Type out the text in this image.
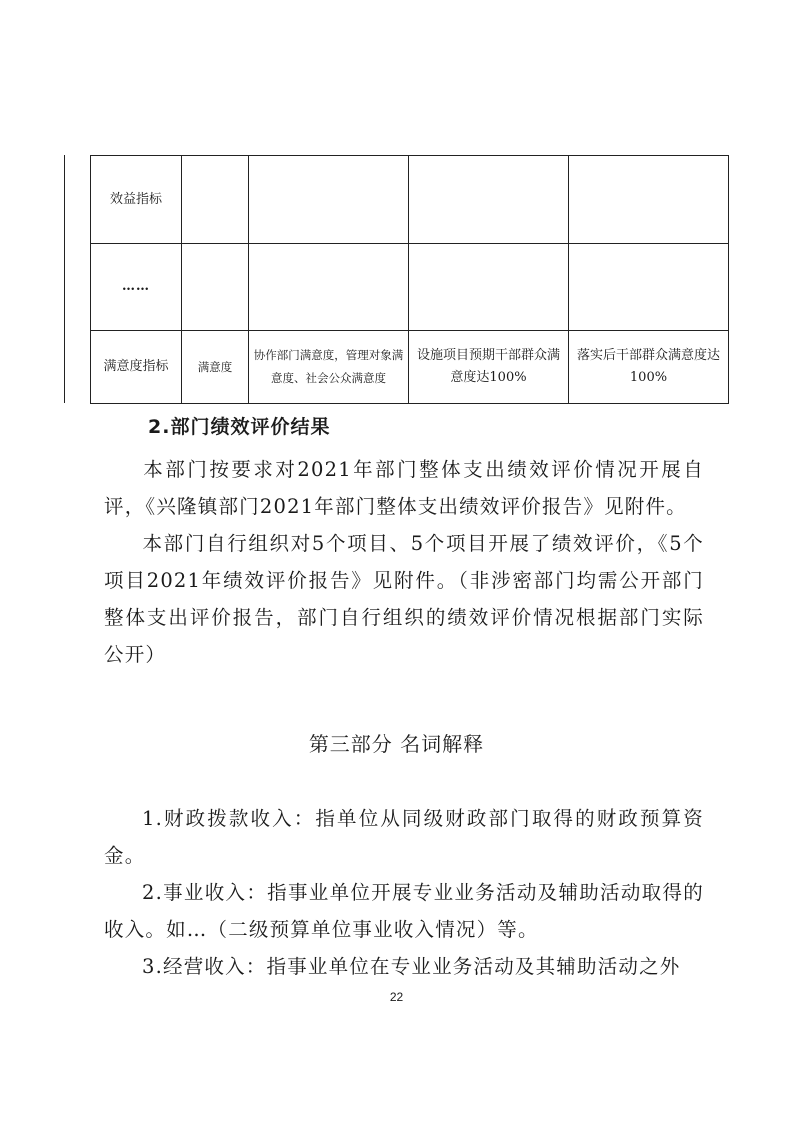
效益指标				
……				
满意度指标	满意度	协作部门满意度，管理对象满意度、社会公众满意度	设施项目预期干部群众满意度达100%	落实后干部群众满意度达100%
2.部门绩效评价结果

本部门按要求对2021年部门整体支出绩效评价情况开展自评，《兴隆镇部门2021年部门整体支出绩效评价报告》见附件。

本部门自行组织对5个项目、5个项目开展了绩效评价，《5个项目2021年绩效评价报告》见附件。（非涉密部门均需公开部门整体支出评价报告，部门自行组织的绩效评价情况根据部门实际公开）

第三部分 名词解释

1.财政拨款收入：指单位从同级财政部门取得的财政预算资金。

2.事业收入：指事业单位开展专业业务活动及辅助活动取得的收入。如…（二级预算单位事业收入情况）等。

3.经营收入：指事业单位在专业业务活动及其辅助活动之外

22
